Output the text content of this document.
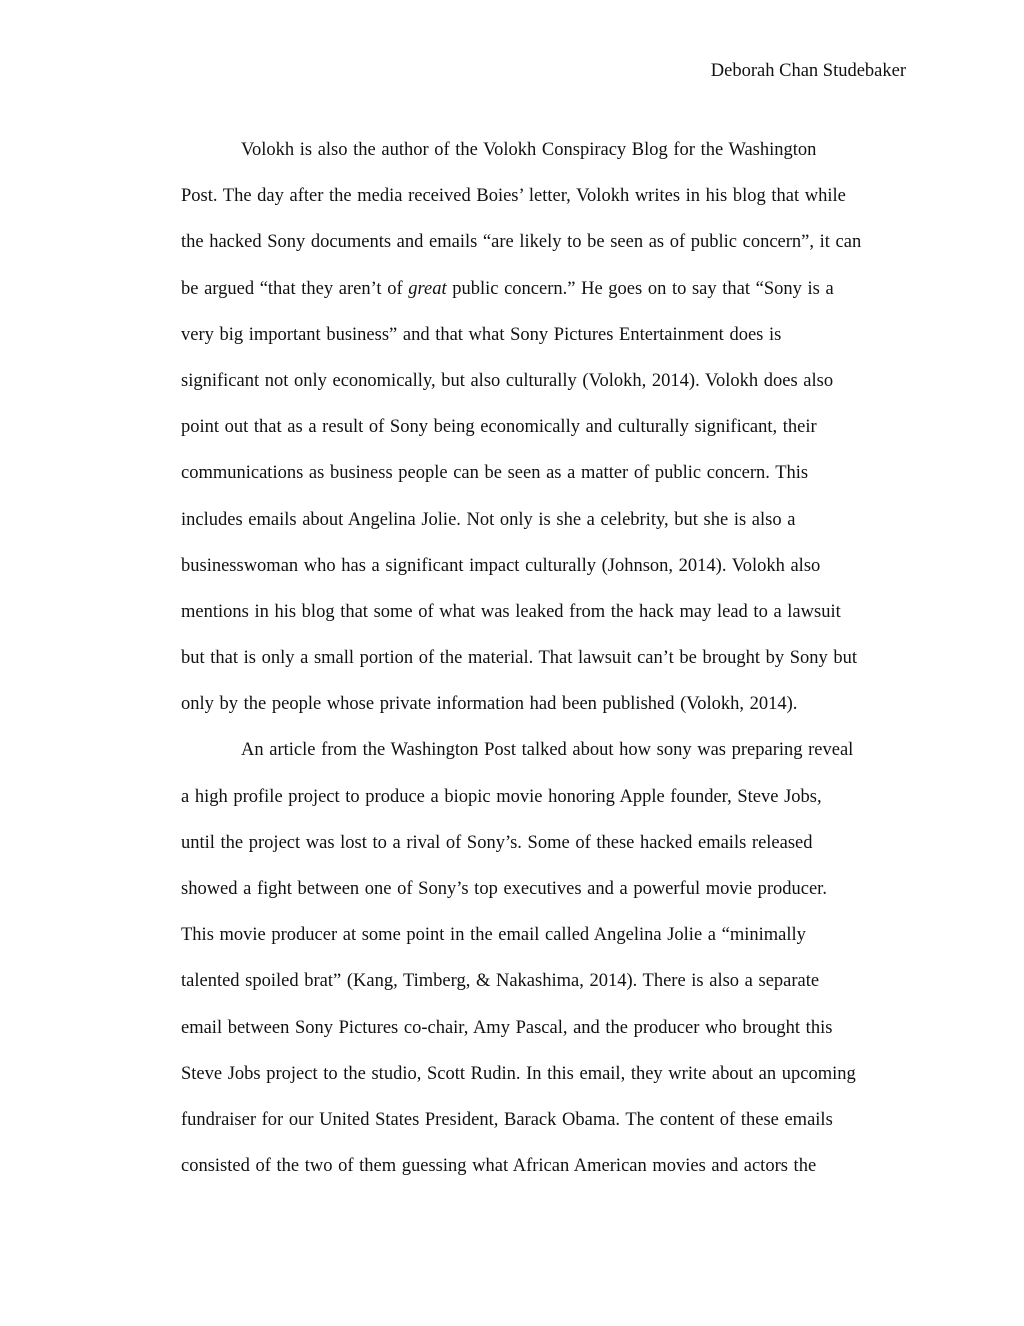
Deborah Chan Studebaker
Volokh is also the author of the Volokh Conspiracy Blog for the Washington
Post. The day after the media received Boies’ letter, Volokh writes in his blog that while
the hacked Sony documents and emails “are likely to be seen as of public concern”, it can
be argued “that they aren’t of great public concern.” He goes on to say that “Sony is a
very big important business” and that what Sony Pictures Entertainment does is
significant not only economically, but also culturally (Volokh, 2014). Volokh does also
point out that as a result of Sony being economically and culturally significant, their
communications as business people can be seen as a matter of public concern. This
includes emails about Angelina Jolie. Not only is she a celebrity, but she is also a
businesswoman who has a significant impact culturally (Johnson, 2014). Volokh also
mentions in his blog that some of what was leaked from the hack may lead to a lawsuit
but that is only a small portion of the material. That lawsuit can’t be brought by Sony but
only by the people whose private information had been published (Volokh, 2014).
An article from the Washington Post talked about how sony was preparing reveal
a high profile project to produce a biopic movie honoring Apple founder, Steve Jobs,
until the project was lost to a rival of Sony’s. Some of these hacked emails released
showed a fight between one of Sony’s top executives and a powerful movie producer.
This movie producer at some point in the email called Angelina Jolie a “minimally
talented spoiled brat” (Kang, Timberg, & Nakashima, 2014). There is also a separate
email between Sony Pictures co-chair, Amy Pascal, and the producer who brought this
Steve Jobs project to the studio, Scott Rudin. In this email, they write about an upcoming
fundraiser for our United States President, Barack Obama. The content of these emails
consisted of the two of them guessing what African American movies and actors the
